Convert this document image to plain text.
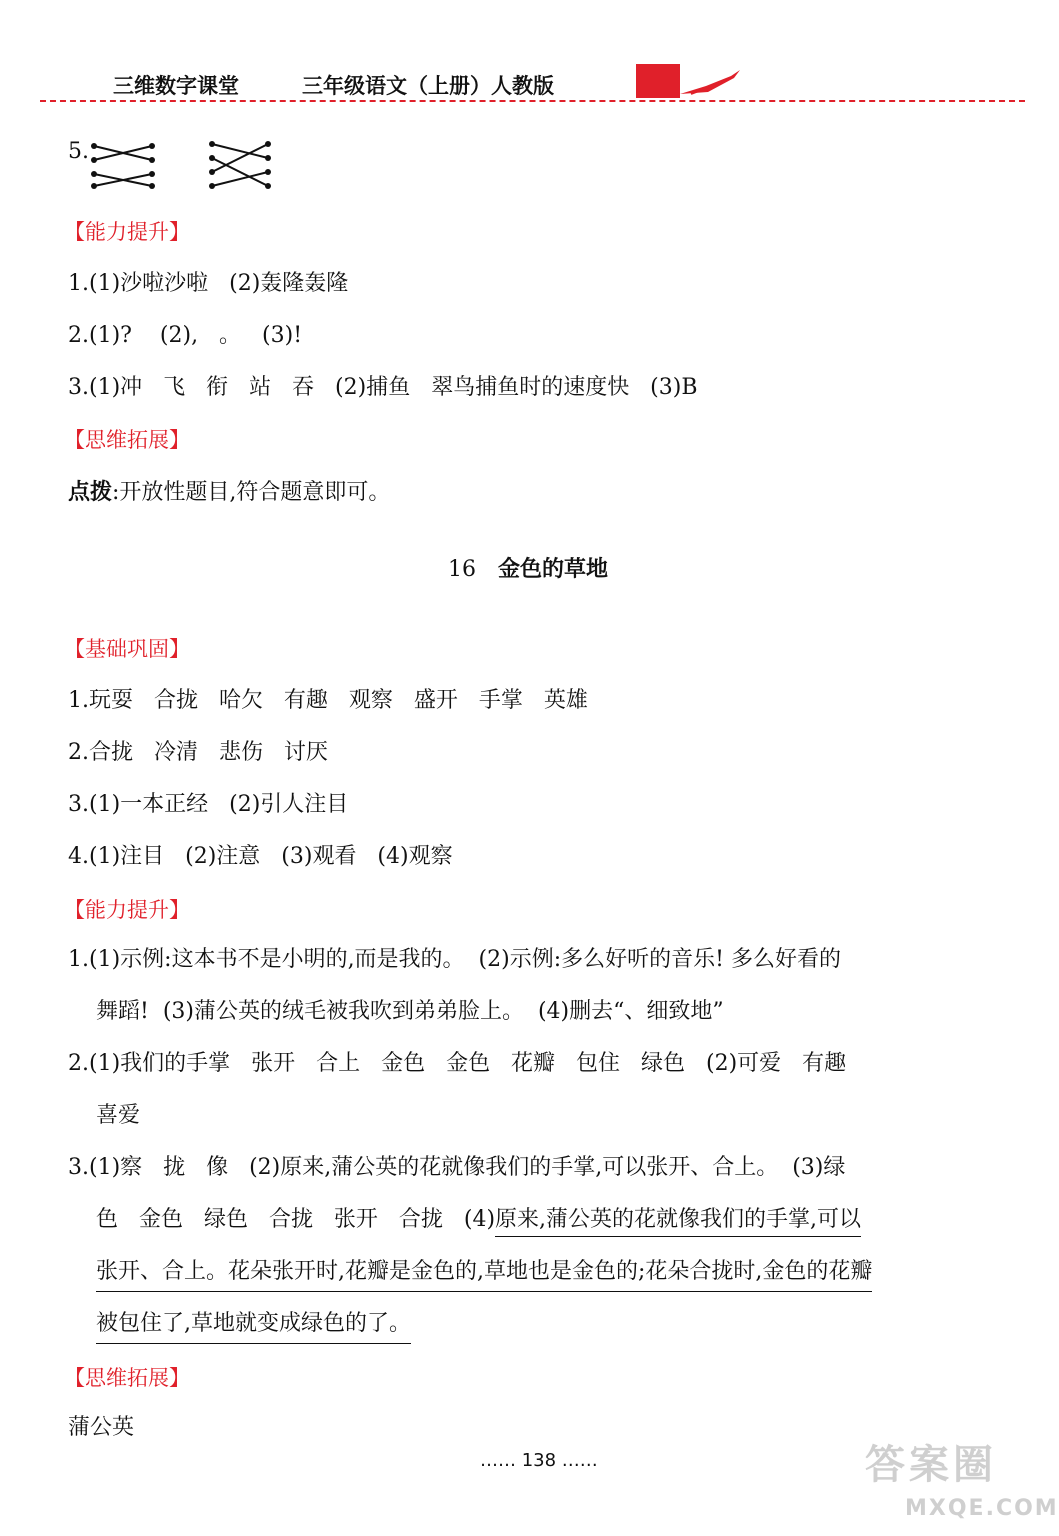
三维数字课堂	三年级语文（上册）人教版
5.
【能力提升】
1.(1)沙啦沙啦   (2)轰隆轰隆
2.(1)?    (2),   。   (3)!
3.(1)冲   飞   衔   站   吞   (2)捕鱼   翠鸟捕鱼时的速度快   (3)B
【思维拓展】
点拨:开放性题目,符合题意即可。
16 金色的草地
【基础巩固】
1.玩耍   合拢   哈欠   有趣   观察   盛开   手掌   英雄
2.合拢   冷清   悲伤   讨厌
3.(1)一本正经   (2)引人注目
4.(1)注目   (2)注意   (3)观看   (4)观察
【能力提升】
1.(1)示例:这本书不是小明的,而是我的。  (2)示例:多么好听的音乐! 多么好看的
舞蹈!  (3)蒲公英的绒毛被我吹到弟弟脸上。  (4)删去“、细致地”
2.(1)我们的手掌   张开   合上   金色   金色   花瓣   包住   绿色   (2)可爱   有趣
喜爱
3.(1)察   拢   像   (2)原来,蒲公英的花就像我们的手掌,可以张开、合上。  (3)绿
色   金色   绿色   合拢   张开   合拢   (4)原来,蒲公英的花就像我们的手掌,可以
张开、合上。花朵张开时,花瓣是金色的,草地也是金色的;花朵合拢时,金色的花瓣
被包住了,草地就变成绿色的了。
【思维拓展】
蒲公英
…… 138 ……	答案圈
MXQE.COM
